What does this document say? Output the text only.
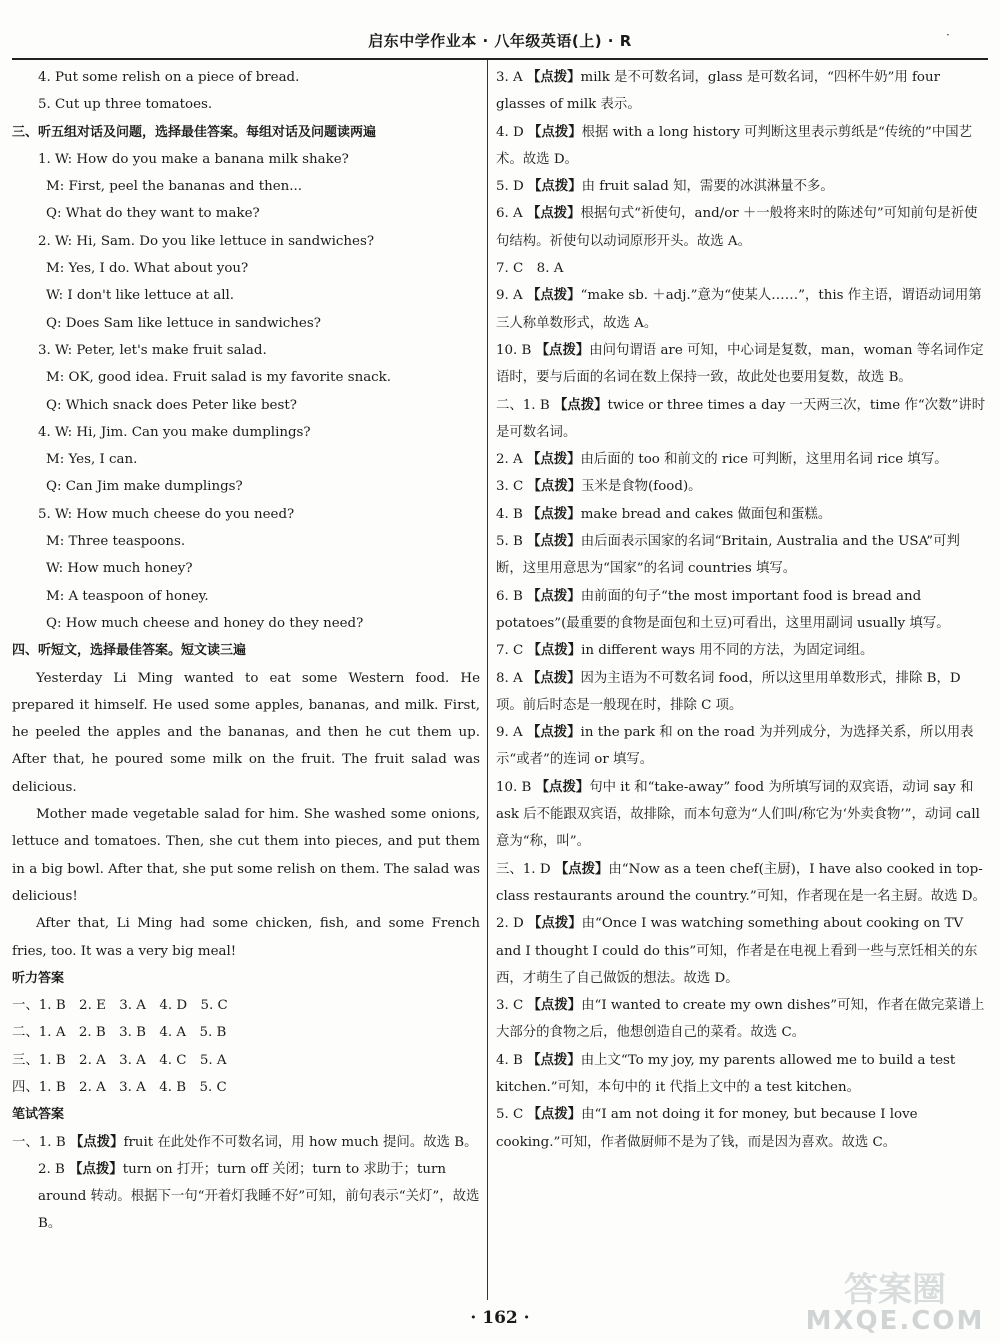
启东中学作业本 · 八年级英语(上) · R	·
4. Put some relish on a piece of bread.
5. Cut up three tomatoes.
三、听五组对话及问题，选择最佳答案。每组对话及问题读两遍
1. W: How do you make a banana milk shake?
M: First, peel the bananas and then...
Q: What do they want to make?
2. W: Hi, Sam. Do you like lettuce in sandwiches?
M: Yes, I do. What about you?
W: I don't like lettuce at all.
Q: Does Sam like lettuce in sandwiches?
3. W: Peter, let's make fruit salad.
M: OK, good idea. Fruit salad is my favorite snack.
Q: Which snack does Peter like best?
4. W: Hi, Jim. Can you make dumplings?
M: Yes, I can.
Q: Can Jim make dumplings?
5. W: How much cheese do you need?
M: Three teaspoons.
W: How much honey?
M: A teaspoon of honey.
Q: How much cheese and honey do they need?
四、听短文，选择最佳答案。短文读三遍
Yesterday Li Ming wanted to eat some Western food. He prepared it himself. He used some apples, bananas, and milk. First, he peeled the apples and the bananas, and then he cut them up. After that, he poured some milk on the fruit. The fruit salad was delicious.
Mother made vegetable salad for him. She washed some onions, lettuce and tomatoes. Then, she cut them into pieces, and put them in a big bowl. After that, she put some relish on them. The salad was delicious!
After that, Li Ming had some chicken, fish, and some French fries, too. It was a very big meal!
听力答案
一、1. B　2. E　3. A　4. D　5. C
二、1. A　2. B　3. B　4. A　5. B
三、1. B　2. A　3. A　4. C　5. A
四、1. B　2. A　3. A　4. B　5. C
笔试答案
一、1. B 【点拨】fruit 在此处作不可数名词，用 how much 提问。故选 B。
2. B 【点拨】turn on 打开；turn off 关闭；turn to 求助于；turn around 转动。根据下一句“开着灯我睡不好”可知，前句表示“关灯”，故选 B。
3. A 【点拨】milk 是不可数名词，glass 是可数名词，“四杯牛奶”用 four glasses of milk 表示。
4. D 【点拨】根据 with a long history 可判断这里表示剪纸是“传统的”中国艺术。故选 D。
5. D 【点拨】由 fruit salad 知，需要的冰淇淋量不多。
6. A 【点拨】根据句式“祈使句，and/or ＋一般将来时的陈述句”可知前句是祈使句结构。祈使句以动词原形开头。故选 A。
7. C　8. A
9. A 【点拨】“make sb. ＋adj.”意为“使某人……”，this 作主语，谓语动词用第三人称单数形式，故选 A。
10. B 【点拨】由问句谓语 are 可知，中心词是复数，man，woman 等名词作定语时，要与后面的名词在数上保持一致，故此处也要用复数，故选 B。
二、1. B 【点拨】twice or three times a day 一天两三次，time 作“次数”讲时是可数名词。
2. A 【点拨】由后面的 too 和前文的 rice 可判断，这里用名词 rice 填写。
3. C 【点拨】玉米是食物(food)。
4. B 【点拨】make bread and cakes 做面包和蛋糕。
5. B 【点拨】由后面表示国家的名词“Britain, Australia and the USA”可判断，这里用意思为“国家”的名词 countries 填写。
6. B 【点拨】由前面的句子“the most important food is bread and potatoes”(最重要的食物是面包和土豆)可看出，这里用副词 usually 填写。
7. C 【点拨】in different ways 用不同的方法，为固定词组。
8. A 【点拨】因为主语为不可数名词 food，所以这里用单数形式，排除 B，D 项。前后时态是一般现在时，排除 C 项。
9. A 【点拨】in the park 和 on the road 为并列成分，为选择关系，所以用表示“或者”的连词 or 填写。
10. B 【点拨】句中 it 和“take-away” food 为所填写词的双宾语，动词 say 和 ask 后不能跟双宾语，故排除，而本句意为“人们叫/称它为‘外卖食物’”，动词 call 意为“称，叫”。
三、1. D 【点拨】由“Now as a teen chef(主厨)，I have also cooked in top-class restaurants around the country.”可知，作者现在是一名主厨。故选 D。
2. D 【点拨】由“Once I was watching something about cooking on TV and I thought I could do this”可知，作者是在电视上看到一些与烹饪相关的东西，才萌生了自己做饭的想法。故选 D。
3. C 【点拨】由“I wanted to create my own dishes”可知，作者在做完菜谱上大部分的食物之后，他想创造自己的菜肴。故选 C。
4. B 【点拨】由上文“To my joy, my parents allowed me to build a test kitchen.”可知，本句中的 it 代指上文中的 a test kitchen。
5. C 【点拨】由“I am not doing it for money, but because I love cooking.”可知，作者做厨师不是为了钱，而是因为喜欢。故选 C。
· 162 ·
答案圈
MXQE.COM
